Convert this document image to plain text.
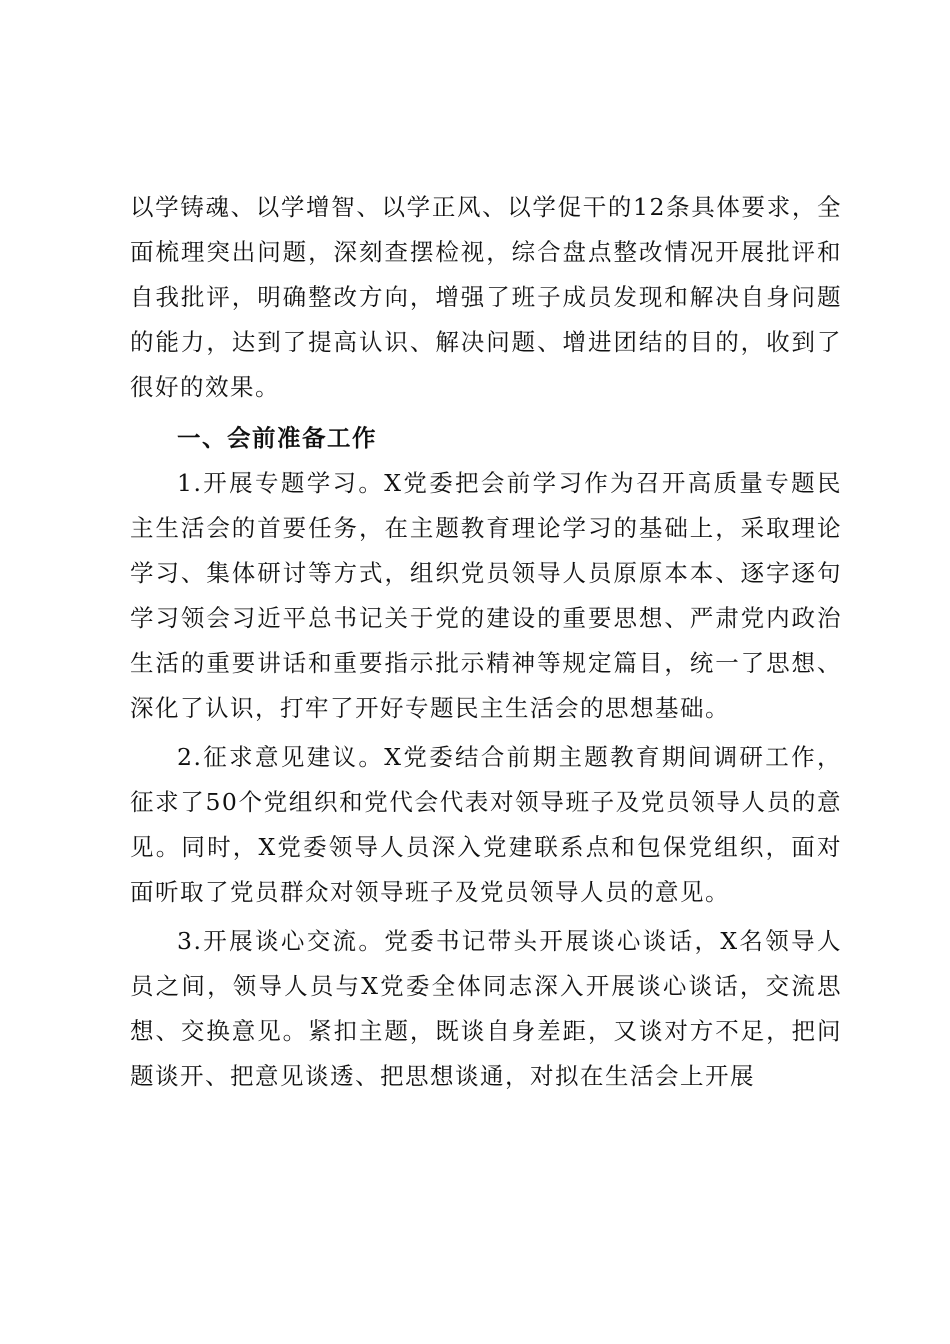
以学铸魂、以学增智、以学正风、以学促干的12条具体要求，全面梳理突出问题，深刻查摆检视，综合盘点整改情况开展批评和自我批评，明确整改方向，增强了班子成员发现和解决自身问题的能力，达到了提高认识、解决问题、增进团结的目的，收到了很好的效果。

一、会前准备工作

1.开展专题学习。X党委把会前学习作为召开高质量专题民主生活会的首要任务，在主题教育理论学习的基础上，采取理论学习、集体研讨等方式，组织党员领导人员原原本本、逐字逐句学习领会习近平总书记关于党的建设的重要思想、严肃党内政治生活的重要讲话和重要指示批示精神等规定篇目，统一了思想、深化了认识，打牢了开好专题民主生活会的思想基础。

2.征求意见建议。X党委结合前期主题教育期间调研工作，征求了50个党组织和党代会代表对领导班子及党员领导人员的意见。同时，X党委领导人员深入党建联系点和包保党组织，面对面听取了党员群众对领导班子及党员领导人员的意见。

3.开展谈心交流。党委书记带头开展谈心谈话，X名领导人员之间，领导人员与X党委全体同志深入开展谈心谈话，交流思想、交换意见。紧扣主题，既谈自身差距，又谈对方不足，把问题谈开、把意见谈透、把思想谈通，对拟在生活会上开展
